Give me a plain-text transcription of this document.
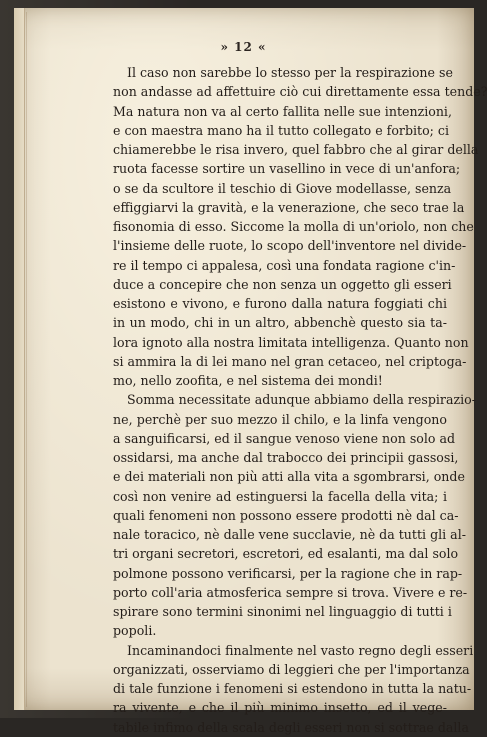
» 12 «
Il caso non sarebbe lo stesso per la respirazione se
non andasse ad affettuire ciò cui direttamente essa tende?
Ma natura non va al certo fallita nelle sue intenzioni,
e con maestra mano ha il tutto collegato e forbito; ci
chiamerebbe le risa invero, quel fabbro che al girar della
ruota facesse sortire un vasellino in vece di un'anfora;
o se da scultore il teschio di Giove modellasse, senza
effiggiarvi la gravità, e la venerazione, che seco trae la
fisonomia di esso. Siccome la molla di un'oriolo, non che
l'insieme delle ruote, lo scopo dell'inventore nel divide-
re il tempo ci appalesa, così una fondata ragione c'in-
duce a concepire che non senza un oggetto gli esseri
esistono e vivono, e furono dalla natura foggiati chi
in un modo, chi in un altro, abbenchè questo sia ta-
lora ignoto alla nostra limitata intelligenza. Quanto non
si ammira la di lei mano nel gran cetaceo, nel criptoga-
mo, nello zoofita, e nel sistema dei mondi!
Somma necessitate adunque abbiamo della respirazio-
ne, perchè per suo mezzo il chilo, e la linfa vengono
a sanguificarsi, ed il sangue venoso viene non solo ad
ossidarsi, ma anche dal trabocco dei principii gassosi,
e dei materiali non più atti alla vita a sgombrarsi, onde
così non venire ad estinguersi la facella della vita; i
quali fenomeni non possono essere prodotti nè dal ca-
nale toracico, nè dalle vene succlavie, nè da tutti gli al-
tri organi secretori, escretori, ed esalanti, ma dal solo
polmone possono verificarsi, per la ragione che in rap-
porto coll'aria atmosferica sempre si trova. Vivere e re-
spirare sono termini sinonimi nel linguaggio di tutti i
popoli.
Incaminandoci finalmente nel vasto regno degli esseri
organizzati, osserviamo di leggieri che per l'importanza
di tale funzione i fenomeni si estendono in tutta la natu-
ra vivente, e che il più minimo insetto, ed il vege-
tabile infimo della scala degli esseri non si sottrae dalla
